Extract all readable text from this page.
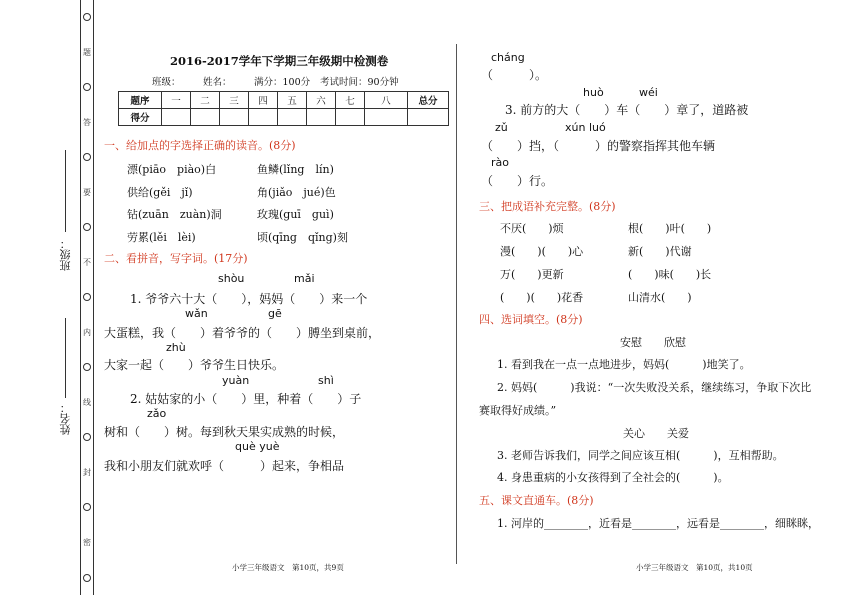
题
答
要
不
内
线
封
密
班级：
姓名：
2016-2017学年下学期三年级期中检测卷
班级： 姓名： 满分：100分 考试时间：90分钟
题序	一	二	三	四	五	六	七	八	总分
得分									
一、给加点的字选择正确的读音。(8分)
漂(piāo　piào)白	鱼鳞(lǐng　lín)
供给(gěi　jǐ)	角(jiǎo　jué)色
钻(zuān　zuàn)洞	玫瑰(guī　guì)
劳累(lěi　lèi)	顷(qīng　qǐng)刻
二、看拼音，写字词。(17分)
shòu	mǎi
1. 爷爷六十大（　　），妈妈（　　）来一个
wǎn	gē
大蛋糕，我（　　）着爷爷的（　　）膊坐到桌前，
zhù
大家一起（　　）爷爷生日快乐。
yuàn	shì
2. 姑姑家的小（　　）里，种着（　　）子
zǎo
树和（　　）树。每到秋天果实成熟的时候，
què yuè
我和小朋友们就欢呼（　　　）起来，争相品
小学三年级语文　第10页，共9页
cháng
（　　　）。
huò	wéi
3. 前方的大（　　）车（　　）章了，道路被
zǔ	xún luó
（　　）挡，（　　　）的警察指挥其他车辆
rào
（　　）行。
三、把成语补充完整。(8分)
不厌(　　)烦	根(　　)叶(　　)
漫(　　)(　　)心	新(　　)代谢
万(　　)更新	(　　)味(　　)长
(　　)(　　)花香	山清水(　　)
四、选词填空。(8分)
安慰　　欣慰
1. 看到我在一点一点地进步，妈妈(　　　)地笑了。
2. 妈妈(　　　)我说：“一次失败没关系，继续练习，争取下次比
赛取得好成绩。”
关心　　关爱
3. 老师告诉我们，同学之间应该互相(　　　)，互相帮助。
4. 身患重病的小女孩得到了全社会的(　　　)。
五、课文直通车。(8分)
1. 河岸的________，近看是________，远看是________，细眯眯，
小学三年级语文　第10页，共10页
